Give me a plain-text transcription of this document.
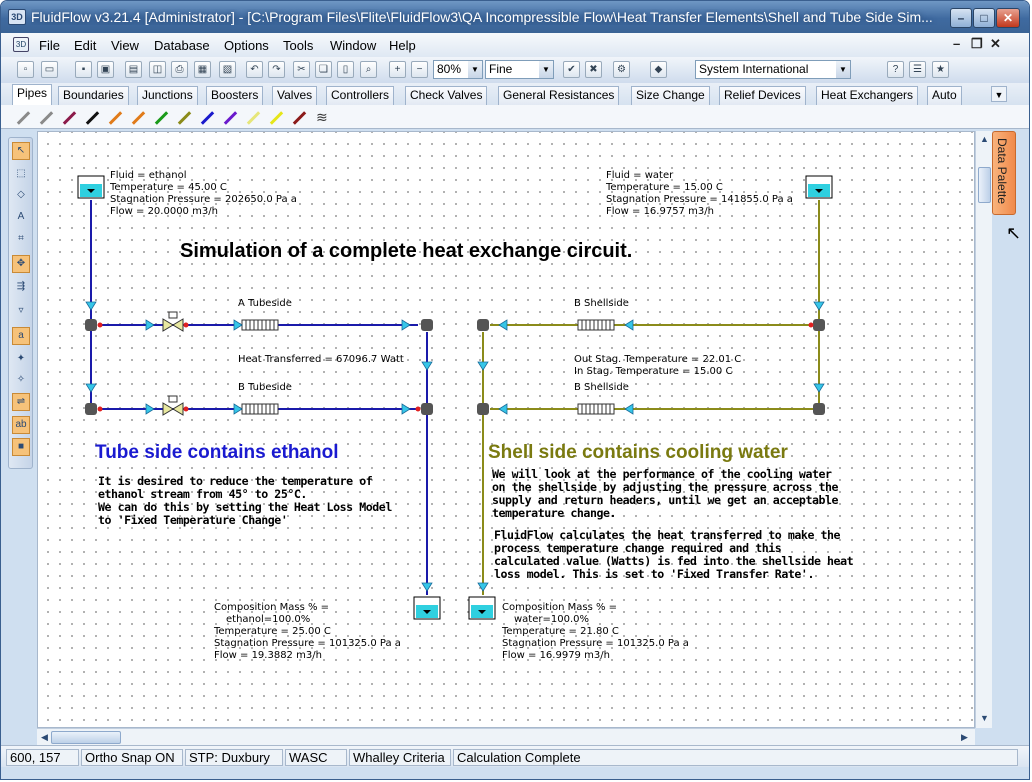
3D FluidFlow v3.21.4 [Administrator] - [C:\Program Files\Flite\FluidFlow3\QA Incompressible Flow\Heat Transfer Elements\Shell and Tube Side Sim...	–	□	✕
3D File Edit View Database Options Tools Window Help	– ❐ ✕
▫	▭	▪	▣	▤	◫	⎙	▦	▧	↶	↷	✂	❏	▯	⌕	+	−	80%	▼ Fine	▼	✔	✖	⚙	◆	System International	▼	?	☰	★
Pipes	Boundaries	Junctions	Boosters	Valves	Controllers	Check Valves	General Resistances	Size Change	Relief Devices	Heat Exchangers	Auto	▼
≋
↖
⬚
◇
A
⌗
✥
⇶
▿
a
✦
✧
⇌
ab
■
Simulation of a complete heat exchange circuit.
Fluid = ethanol
Temperature = 45.00 C
Stagnation Pressure = 202650.0 Pa a
Flow = 20.0000 m3/h
Fluid = water
Temperature = 15.00 C
Stagnation Pressure = 141855.0 Pa a
Flow = 16.9757 m3/h
A Tubeside
Heat Transferred = 67096.7 Watt
B Tubeside
B Shellside
Out Stag. Temperature = 22.01 C
In Stag. Temperature = 15.00 C
B Shellside
Tube side contains ethanol	Shell side contains cooling water
It is desired to reduce the temperature of
ethanol stream from 45° to 25°C.
We can do this by setting the Heat Loss Model
to 'Fixed Temperature Change'
We will look at the performance of the cooling water
on the shellside by adjusting the pressure across the
supply and return headers, until we get an acceptable
temperature change.
FluidFlow calculates the heat transferred to make the
process temperature change required and this
calculated value (Watts) is fed into the shellside heat
loss model. This is set to 'Fixed Transfer Rate'.
Composition Mass % =
ethanol=100.0%
Temperature = 25.00 C
Stagnation Pressure = 101325.0 Pa a
Flow = 19.3882 m3/h
Composition Mass % =
water=100.0%
Temperature = 21.80 C
Stagnation Pressure = 101325.0 Pa a
Flow = 16.9979 m3/h
▲
▼
◀	▶
Data Palette
↖
600, 157	Ortho Snap ON	STP: Duxbury	WASC	Whalley Criteria Calculation Complete
